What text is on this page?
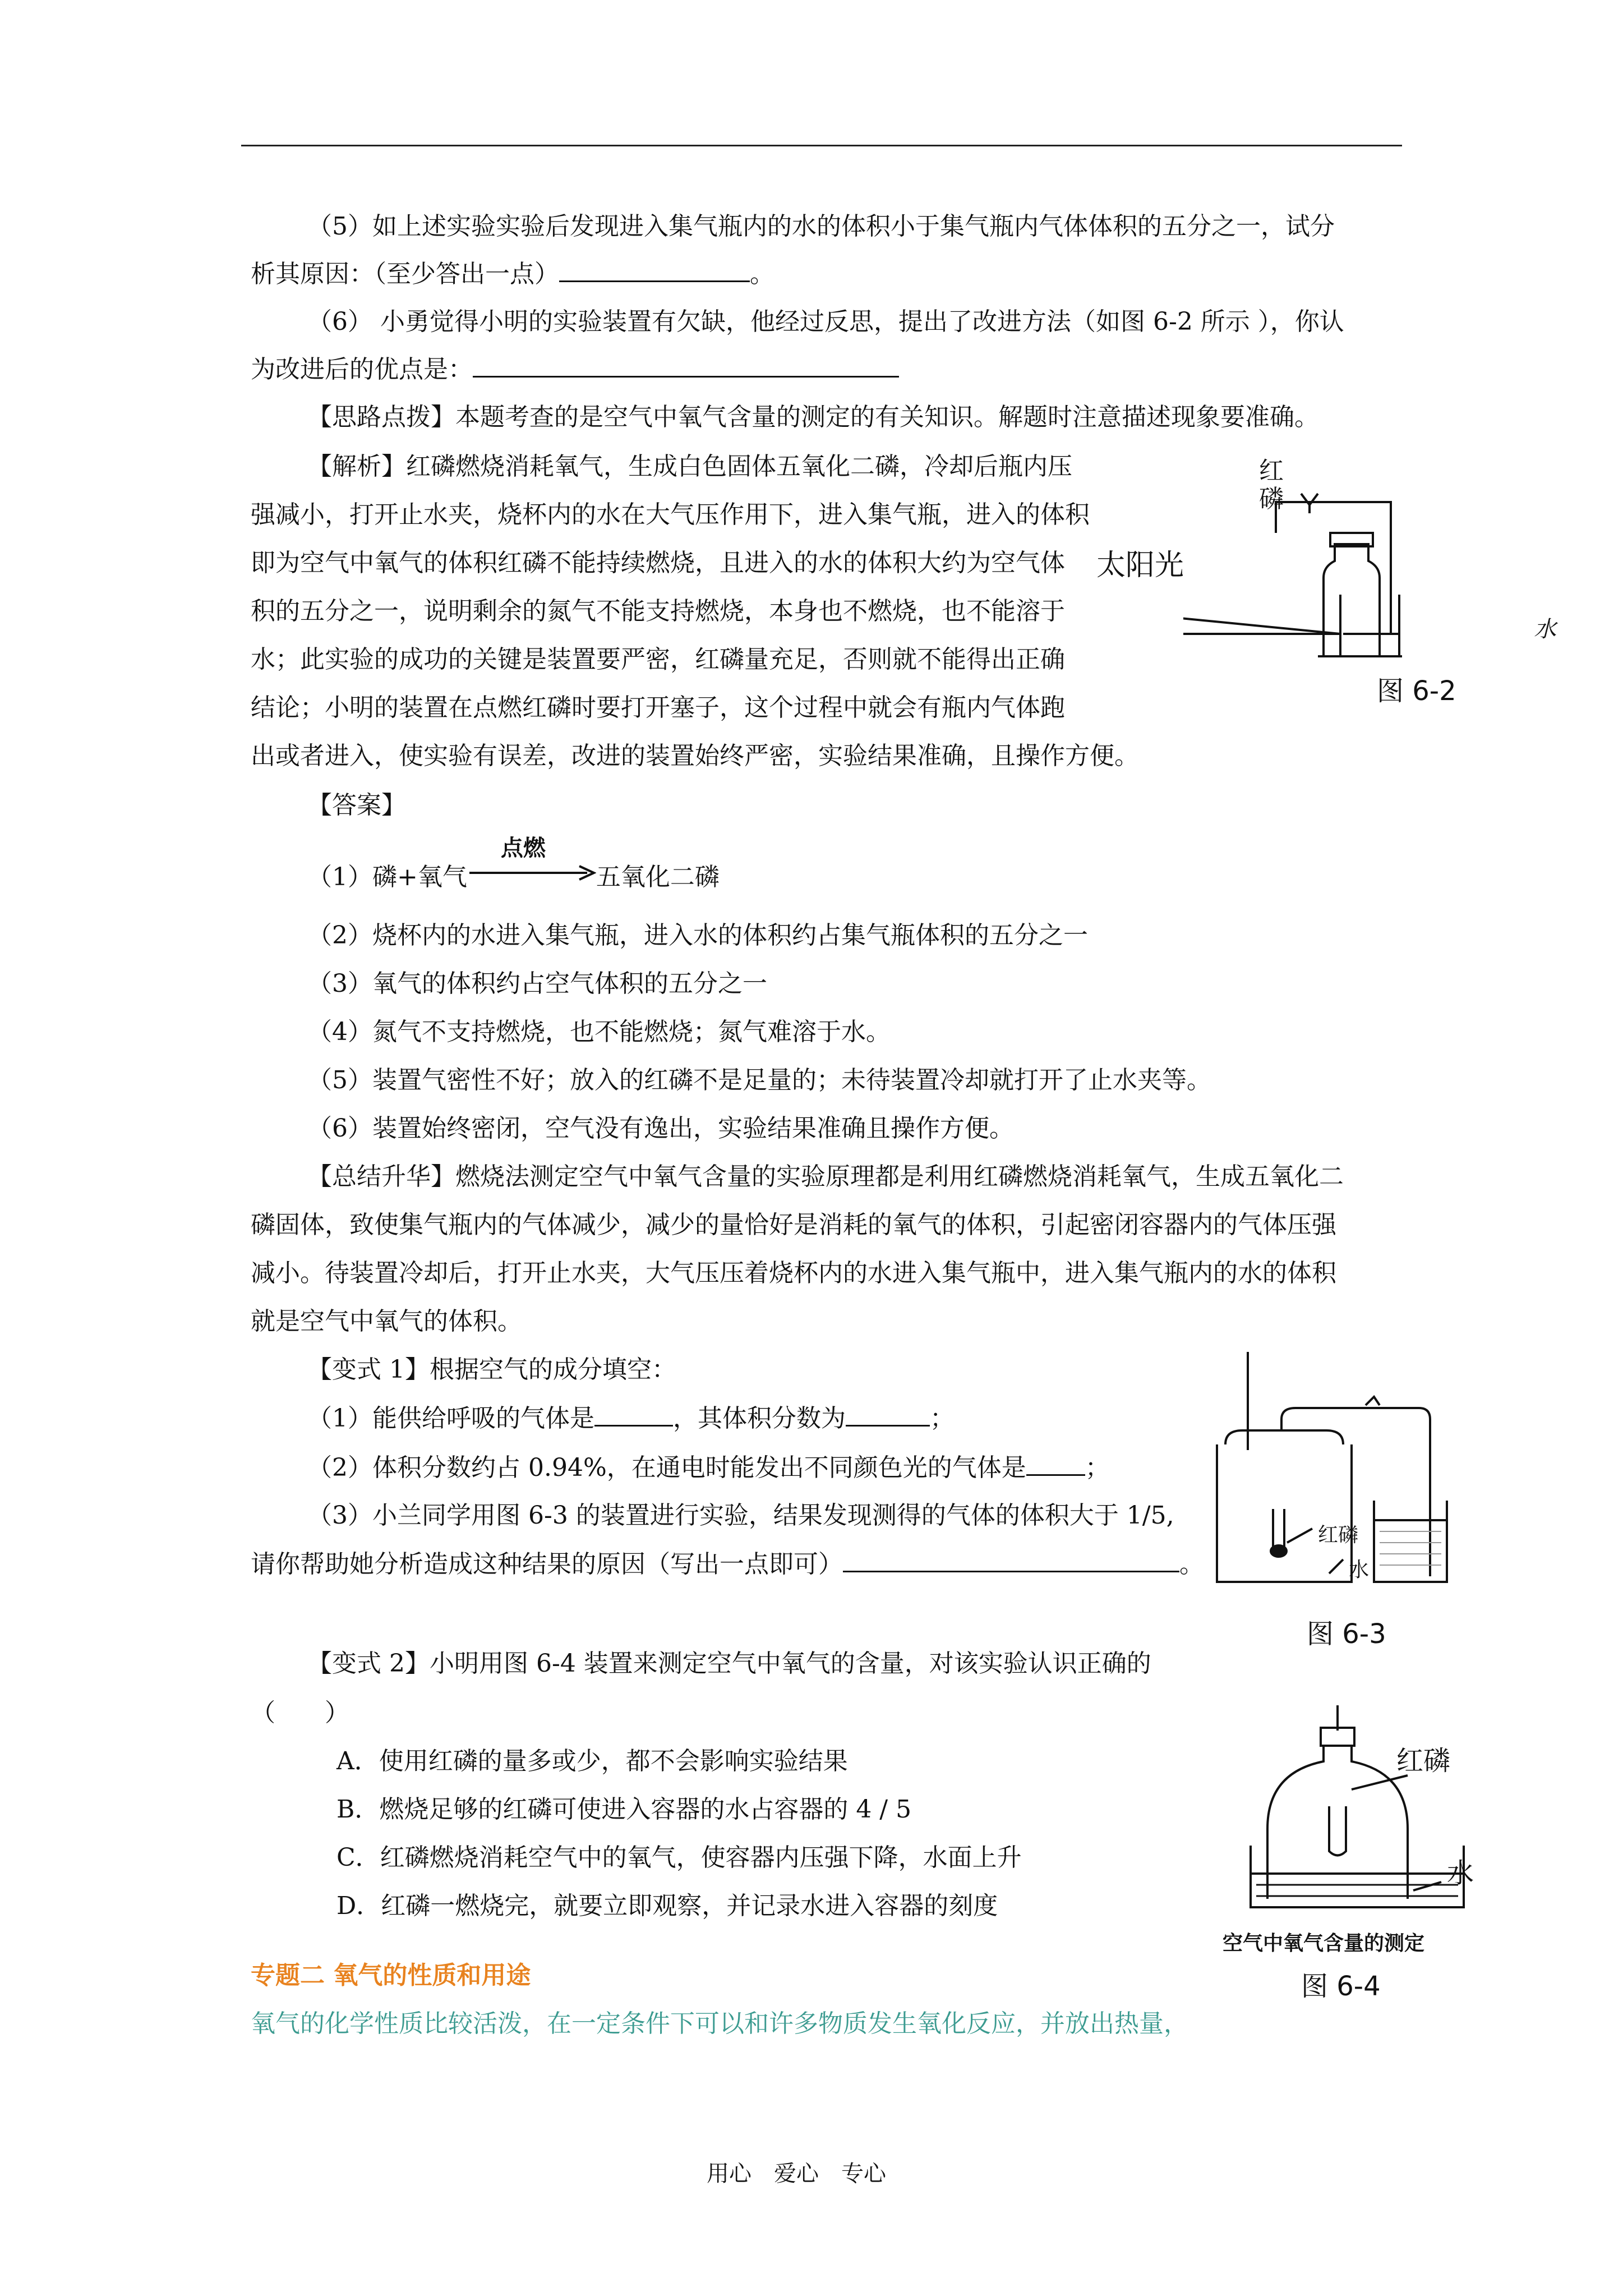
（5）如上述实验实验后发现进入集气瓶内的水的体积小于集气瓶内气体体积的五分之一，试分
析其原因：（至少答出一点）	。
（6） 小勇觉得小明的实验装置有欠缺，他经过反思，提出了改进方法（如图 6-2 所示 ），你认
为改进后的优点是：
【思路点拨】本题考查的是空气中氧气含量的测定的有关知识。解题时注意描述现象要准确。
【解析】红磷燃烧消耗氧气，生成白色固体五氧化二磷，冷却后瓶内压
强减小，打开止水夹，烧杯内的水在大气压作用下，进入集气瓶，进入的体积
即为空气中氧气的体积红磷不能持续燃烧，且进入的水的体积大约为空气体
积的五分之一，说明剩余的氮气不能支持燃烧，本身也不燃烧，也不能溶于
水；此实验的成功的关键是装置要严密，红磷量充足，否则就不能得出正确
结论；小明的装置在点燃红磷时要打开塞子，这个过程中就会有瓶内气体跑
出或者进入，使实验有误差，改进的装置始终严密，实验结果准确，且操作方便。
红磷
太阳光
水
图 6-2
【答案】
（1）磷+氧气
点燃
五氧化二磷
（2）烧杯内的水进入集气瓶，进入水的体积约占集气瓶体积的五分之一
（3）氧气的体积约占空气体积的五分之一
（4）氮气不支持燃烧，也不能燃烧；氮气难溶于水。
（5）装置气密性不好；放入的红磷不是足量的；未待装置冷却就打开了止水夹等。
（6）装置始终密闭，空气没有逸出，实验结果准确且操作方便。
【总结升华】燃烧法测定空气中氧气含量的实验原理都是利用红磷燃烧消耗氧气，生成五氧化二
磷固体，致使集气瓶内的气体减少，减少的量恰好是消耗的氧气的体积，引起密闭容器内的气体压强
减小。待装置冷却后，打开止水夹，大气压压着烧杯内的水进入集气瓶中，进入集气瓶内的水的体积
就是空气中氧气的体积。
【变式 1】根据空气的成分填空：
（1）能供给呼吸的气体是	，其体积分数为	；
（2）体积分数约占 0.94%，在通电时能发出不同颜色光的气体是 ；
（3）小兰同学用图 6-3 的装置进行实验，结果发现测得的气体的体积大于 1/5,
请你帮助她分析造成这种结果的原因（写出一点即可）	。
红磷
水
图 6-3
【变式 2】小明用图 6-4 装置来测定空气中氧气的含量，对该实验认识正确的
（　　）
A．使用红磷的量多或少，都不会影响实验结果
B．燃烧足够的红磷可使进入容器的水占容器的 4 / 5
C．红磷燃烧消耗空气中的氧气，使容器内压强下降，水面上升
D．红磷一燃烧完，就要立即观察，并记录水进入容器的刻度
红磷
水
空气中氧气含量的测定
图 6-4
专题二 氧气的性质和用途
氧气的化学性质比较活泼，在一定条件下可以和许多物质发生氧化反应，并放出热量，
用心　爱心　专心
